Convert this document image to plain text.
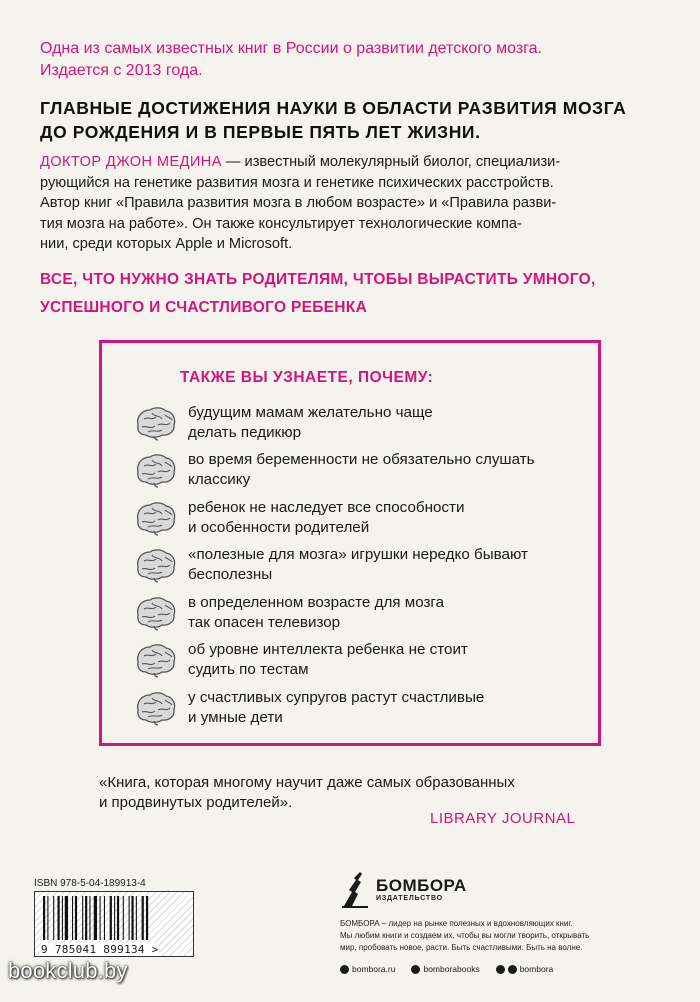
Одна из самых известных книг в России о развитии детского мозга.
Издается с 2013 года.
ГЛАВНЫЕ ДОСТИЖЕНИЯ НАУКИ В ОБЛАСТИ РАЗВИТИЯ МОЗГА
ДО РОЖДЕНИЯ И В ПЕРВЫЕ ПЯТЬ ЛЕТ ЖИЗНИ.
ДОКТОР ДЖОН МЕДИНА — известный молекулярный биолог, специализи-
рующийся на генетике развития мозга и генетике психических расстройств.
Автор книг «Правила развития мозга в любом возрасте» и «Правила разви-
тия мозга на работе». Он также консультирует технологические компа-
нии, среди которых Apple и Microsoft.
ВСЕ, ЧТО НУЖНО ЗНАТЬ РОДИТЕЛЯМ, ЧТОБЫ ВЫРАСТИТЬ УМНОГО,
УСПЕШНОГО И СЧАСТЛИВОГО РЕБЕНКА
ТАКЖЕ ВЫ УЗНАЕТЕ, ПОЧЕМУ:
будущим мамам желательно чаще
делать педикюр
во время беременности не обязательно слушать
классику
ребенок не наследует все способности
и особенности родителей
«полезные для мозга» игрушки нередко бывают
бесполезны
в определенном возрасте для мозга
так опасен телевизор
об уровне интеллекта ребенка не стоит
судить по тестам
у счастливых супругов растут счастливые
и умные дети
«Книга, которая многому научит даже самых образованных
и продвинутых родителей».
LIBRARY JOURNAL
ISBN 978-5-04-189913-4
9 785041 899134 >
БОМБОРА
ИЗДАТЕЛЬСТВО
БОМБОРА – лидер на рынке полезных и вдохновляющих книг.
Мы любим книги и создаем их, чтобы вы могли творить, открывать
мир, пробовать новое, расти. Быть счастливыми. Быть на волне.
bombora.ru	bomborabooks	bombora
bookclub.by
